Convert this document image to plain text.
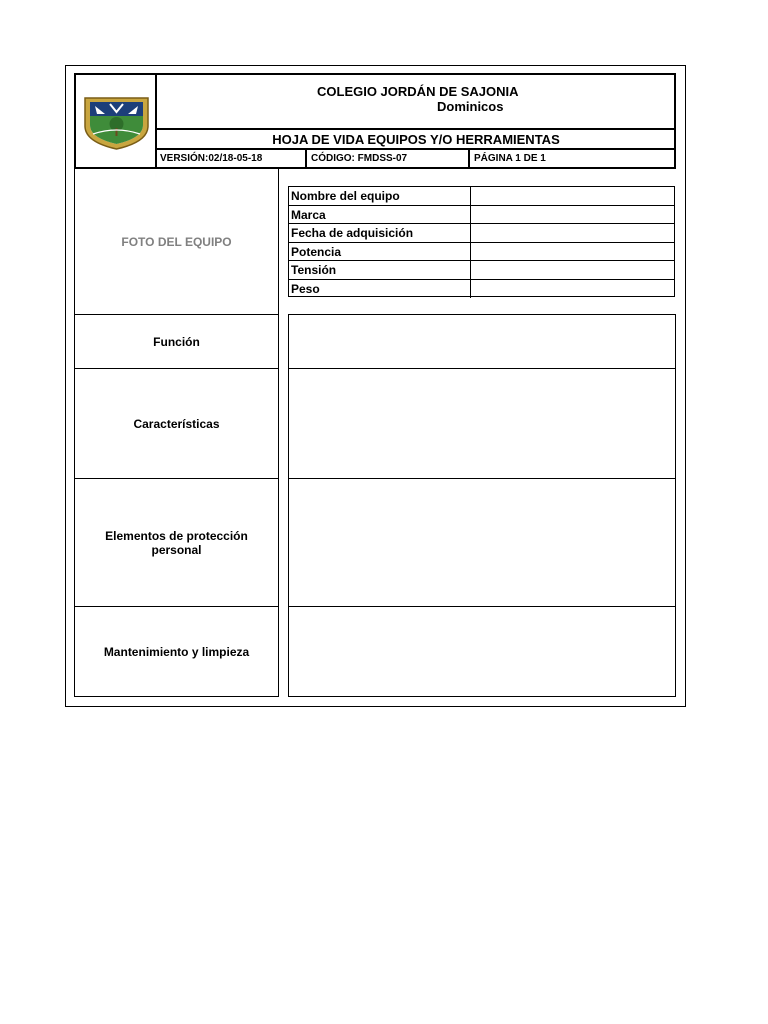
COLEGIO JORDÁN DE SAJONIA
Dominicos
HOJA DE VIDA EQUIPOS Y/O HERRAMIENTAS
VERSIÓN:02/18-05-18	CÓDIGO: FMDSS-07	PÁGINA 1 DE 1
FOTO DEL EQUIPO
Nombre del equipo
Marca
Fecha de adquisición
Potencia
Tensión
Peso
Función
Características
Elementos de protección personal
Mantenimiento y limpieza
